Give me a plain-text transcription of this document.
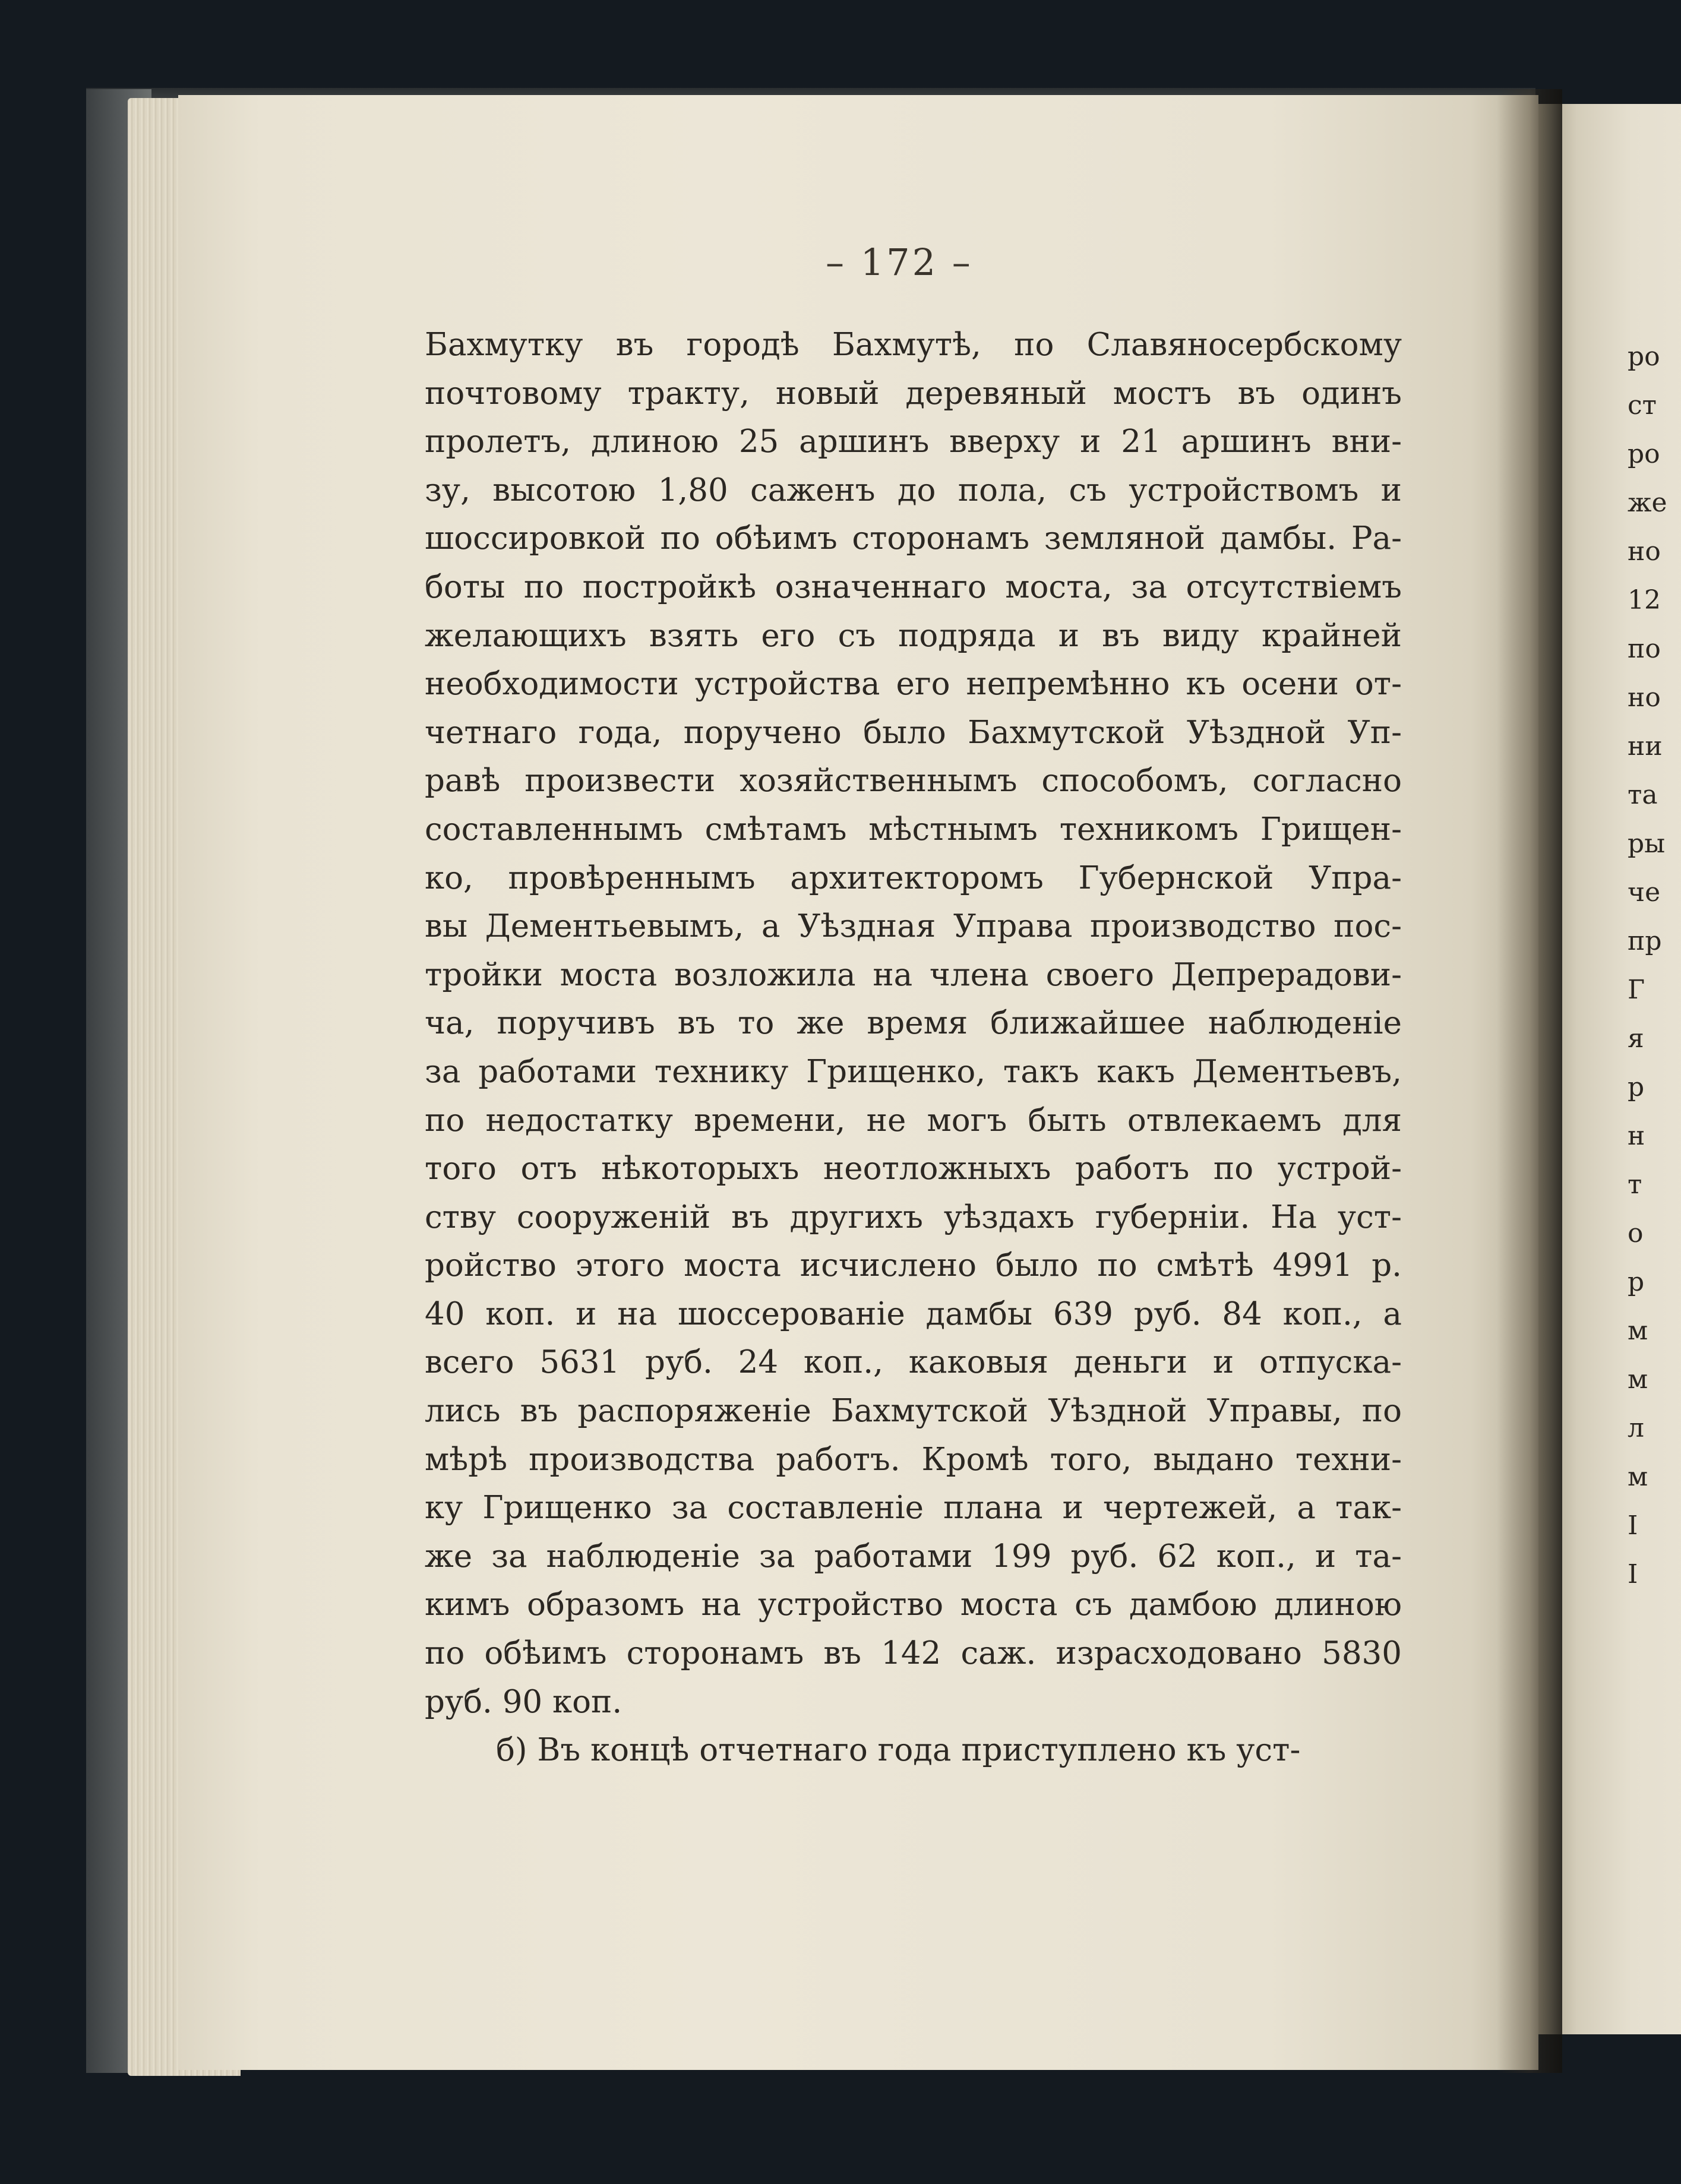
– 172 –
Бахмутку въ городѣ Бахмутѣ, по Славяносербскому
почтовому тракту, новый деревяный мостъ въ одинъ
пролетъ, длиною 25 аршинъ вверху и 21 аршинъ вни-
зу, высотою 1,80 саженъ до пола, съ устройствомъ и
шоссировкой по обѣимъ сторонамъ земляной дамбы. Ра-
боты по постройкѣ означеннаго моста, за отсутствіемъ
желающихъ взять его съ подряда и въ виду крайней
необходимости устройства его непремѣнно къ осени от-
четнаго года, поручено было Бахмутской Уѣздной Уп-
равѣ произвести хозяйственнымъ способомъ, согласно
составленнымъ смѣтамъ мѣстнымъ техникомъ Грищен-
ко, провѣреннымъ архитекторомъ Губернской Упра-
вы Дементьевымъ, а Уѣздная Управа производство пос-
тройки моста возложила на члена своего Депрерадови-
ча, поручивъ въ то же время ближайшее наблюденіе
за работами технику Грищенко, такъ какъ Дементьевъ,
по недостатку времени, не могъ быть отвлекаемъ для
того отъ нѣкоторыхъ неотложныхъ работъ по устрой-
ству сооруженій въ другихъ уѣздахъ губерніи. На уст-
ройство этого моста исчислено было по смѣтѣ 4991 р.
40 коп. и на шоссерованіе дамбы 639 руб. 84 коп., а
всего 5631 руб. 24 коп., каковыя деньги и отпуска-
лись въ распоряженіе Бахмутской Уѣздной Управы, по
мѣрѣ производства работъ. Кромѣ того, выдано техни-
ку Грищенко за составленіе плана и чертежей, а так-
же за наблюденіе за работами 199 руб. 62 коп., и та-
кимъ образомъ на устройство моста съ дамбою длиною
по обѣимъ сторонамъ въ 142 саж. израсходовано 5830
руб. 90 коп.
б) Въ концѣ отчетнаго года приступлено къ уст-
ро
ст
ро
же
но
12
по
но
ни
та
ры
че
пр
Г
я
р
н
т
о
р
м
м
л
м
I
I
